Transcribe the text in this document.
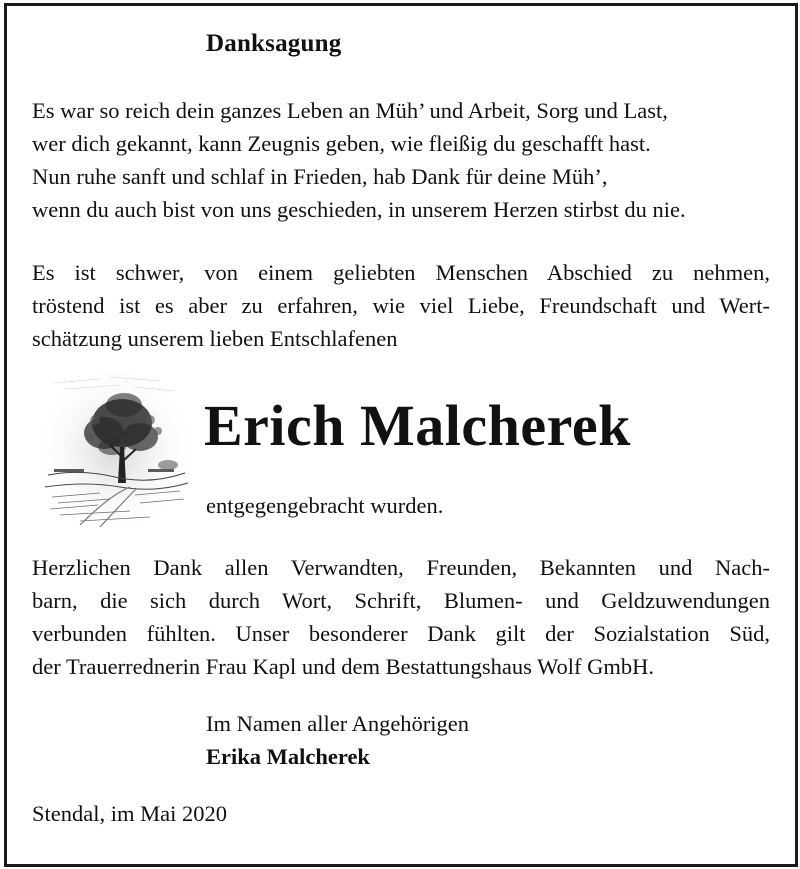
Danksagung
Es war so reich dein ganzes Leben an Müh’ und Arbeit, Sorg und Last,
wer dich gekannt, kann Zeugnis geben, wie fleißig du geschafft hast.
Nun ruhe sanft und schlaf in Frieden, hab Dank für deine Müh’,
wenn du auch bist von uns geschieden, in unserem Herzen stirbst du nie.
Es ist schwer, von einem geliebten Menschen Abschied zu nehmen,
tröstend ist es aber zu erfahren, wie viel Liebe, Freundschaft und Wert-
schätzung unserem lieben Entschlafenen
Erich Malcherek
entgegengebracht wurden.
Herzlichen Dank allen Verwandten, Freunden, Bekannten und Nach-
barn, die sich durch Wort, Schrift, Blumen- und Geldzuwendungen
verbunden fühlten. Unser besonderer Dank gilt der Sozialstation Süd,
der Trauerrednerin Frau Kapl und dem Bestattungshaus Wolf GmbH.
Im Namen aller Angehörigen
Erika Malcherek
Stendal, im Mai 2020
